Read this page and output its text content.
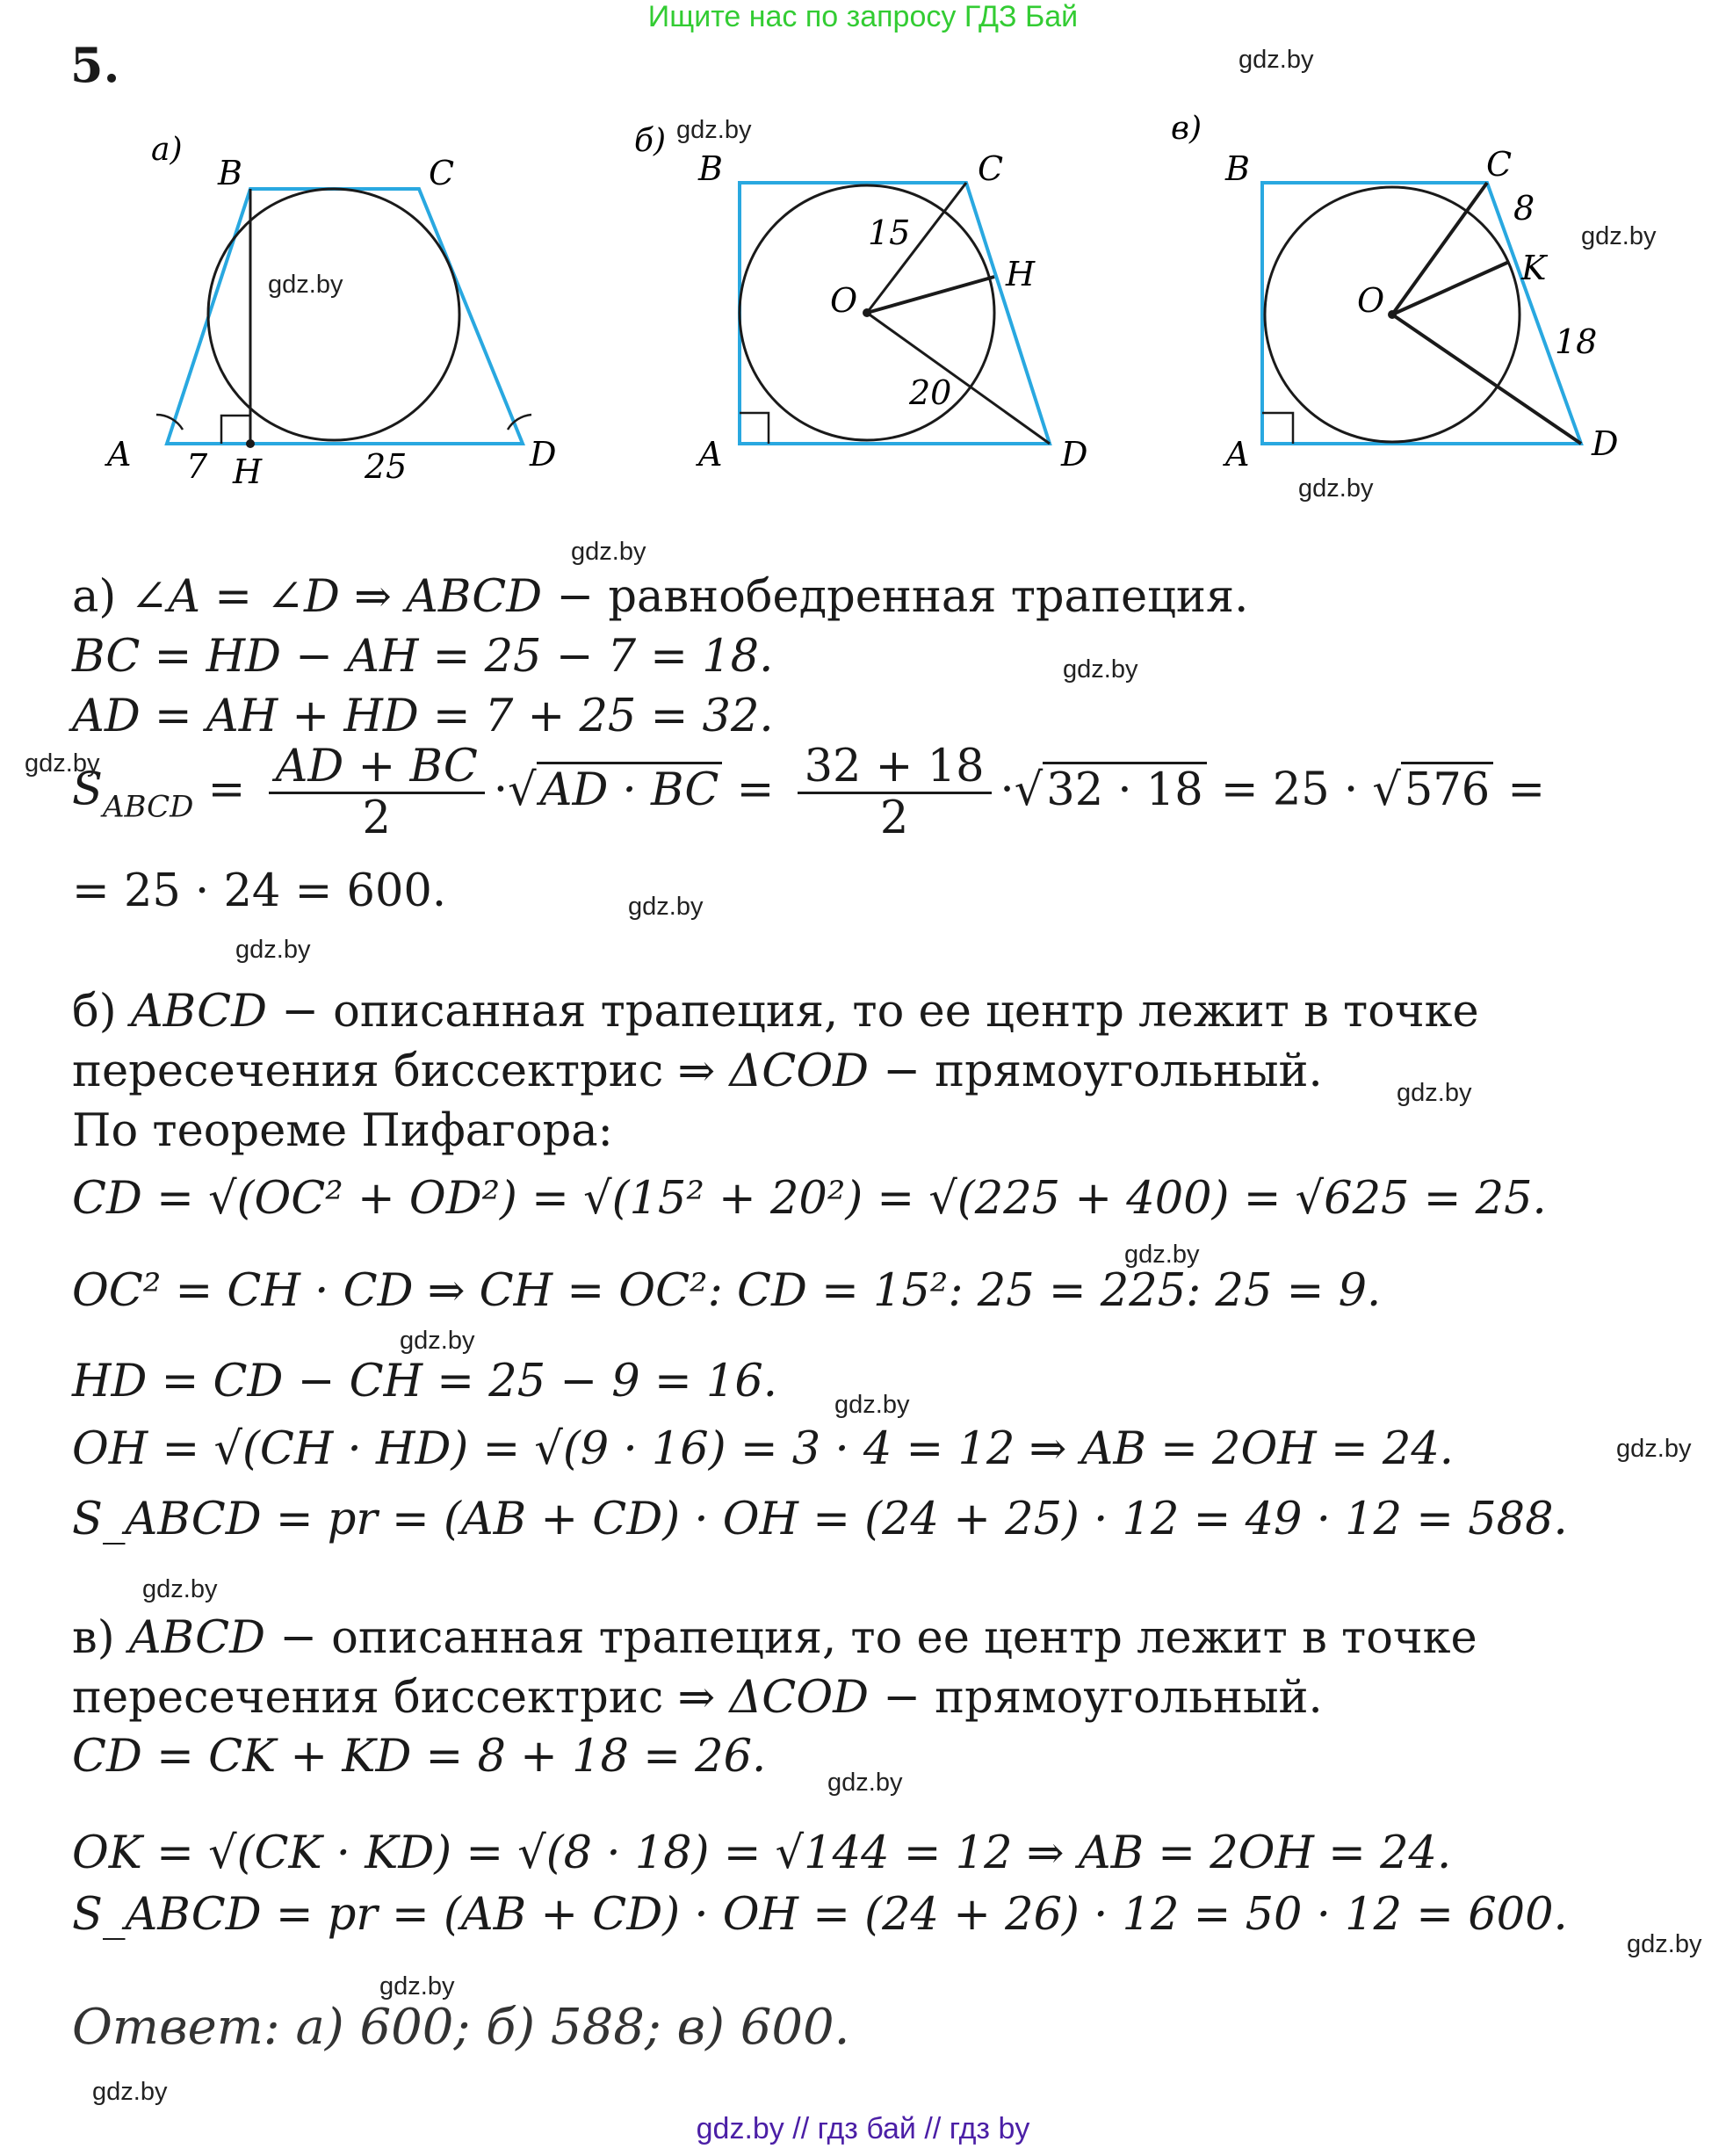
Ищите нас по запросу ГДЗ Бай
5.
а)
B	C
A	D
H
7	25
б)
B	C
O
H
A	D
15
20
в)
B	C
O
K
A	D
8
18
а) ∠A = ∠D ⇒ ABCD − равнобедренная трапеция.
BC = HD − AH = 25 − 7 = 18.
AD = AH + HD = 7 + 25 = 32.
$S_{ABCD} = \frac{AD + BC}{2} \cdot√AD$ · BC = $\frac{32 + 18}{2} \cdot√32 \cdot 18 = 25 \cdot √576$ =
= 25 · 24 = 600.
б) ABCD − описанная трапеция, то ее центр лежит в точке
пересечения биссектрис ⇒ ΔCOD − прямоугольный.
По теореме Пифагора:
CD = √(OC² + OD²) = √(15² + 20²) = √(225 + 400) = √625 = 25.
OC² = CH · CD ⇒ CH = OC²: CD = 15²: 25 = 225: 25 = 9.
HD = CD − CH = 25 − 9 = 16.
OH = √(CH · HD) = √(9 · 16) = 3 · 4 = 12 ⇒ AB = 2OH = 24.
S_ABCD = pr = (AB + CD) · OH = (24 + 25) · 12 = 49 · 12 = 588.
в) ABCD − описанная трапеция, то ее центр лежит в точке
пересечения биссектрис ⇒ ΔCOD − прямоугольный.
CD = CK + KD = 8 + 18 = 26.
OK = √(CK · KD) = √(8 · 18) = √144 = 12 ⇒ AB = 2OH = 24.
S_ABCD = pr = (AB + CD) · OH = (24 + 26) · 12 = 50 · 12 = 600.
Ответ: а) 600; б) 588; в) 600.
gdz.by
gdz.by
gdz.by
gdz.by
gdz.by
gdz.by
gdz.by
gdz.by
gdz.by
gdz.by
gdz.by
gdz.by
gdz.by
gdz.by
gdz.by
gdz.by
gdz.by
gdz.by
gdz.by
gdz.by
gdz.by // гдз бай // гдз by
